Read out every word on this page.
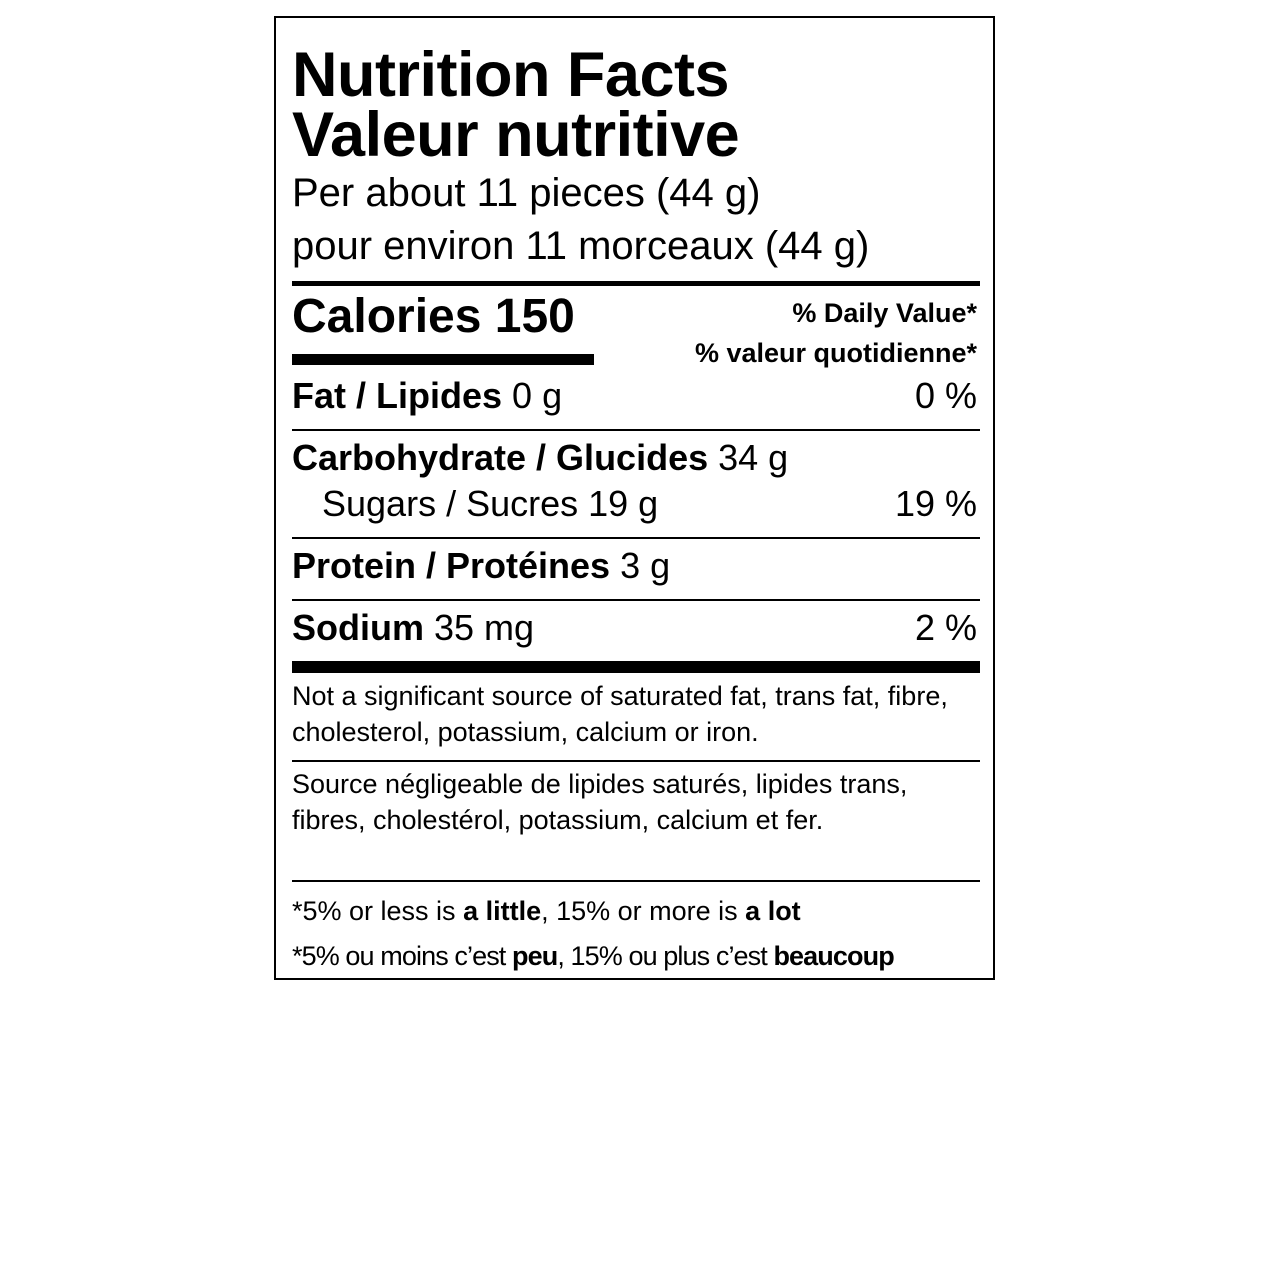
Nutrition Facts
Valeur nutritive
Per about 11 pieces (44 g)
pour environ 11 morceaux (44 g)
Calories 150	% Daily Value*
% valeur quotidienne*
Fat / Lipides 0 g	0 %
Carbohydrate / Glucides 34 g
Sugars / Sucres 19 g	19 %
Protein / Protéines 3 g
Sodium 35 mg	2 %
Not a significant source of saturated fat, trans fat, fibre, cholesterol, potassium, calcium or iron.
Source négligeable de lipides saturés, lipides trans, fibres, cholestérol, potassium, calcium et fer.
*5% or less is a little, 15% or more is a lot
*5% ou moins c’est peu, 15% ou plus c’est beaucoup
